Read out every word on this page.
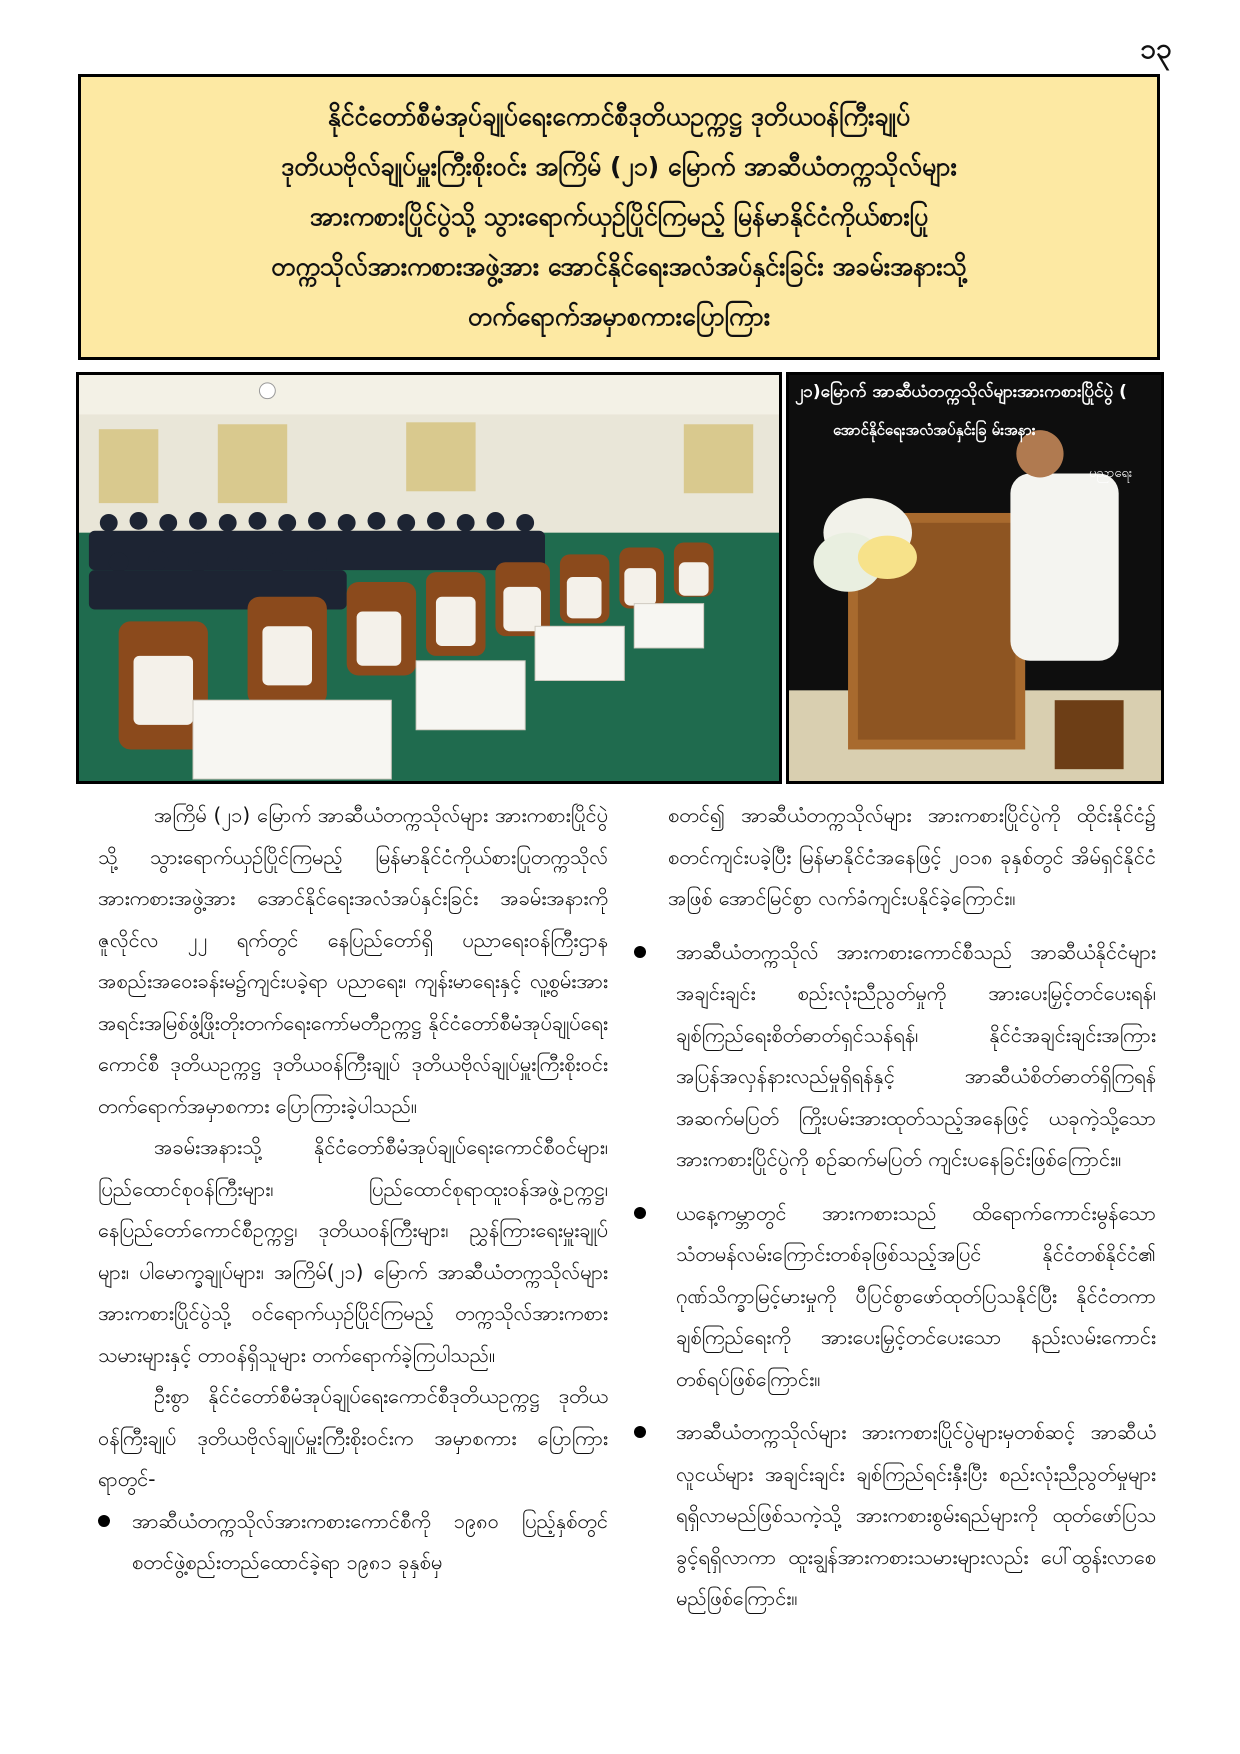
၁၃
နိုင်ငံတော်စီမံအုပ်ချုပ်ရေးကောင်စီဒုတိယဥက္ကဋ္ဌ ဒုတိယဝန်ကြီးချုပ်
ဒုတိယဗိုလ်ချုပ်မှူးကြီးစိုးဝင်း အကြိမ် (၂၁) မြောက် အာဆီယံတက္ကသိုလ်များ
အားကစားပြိုင်ပွဲသို့ သွားရောက်ယှဉ်ပြိုင်ကြမည့် မြန်မာနိုင်ငံကိုယ်စားပြု
တက္ကသိုလ်အားကစားအဖွဲ့အား အောင်နိုင်ရေးအလံအပ်နှင်းခြင်း အခမ်းအနားသို့
တက်ရောက်အမှာစကားပြောကြား
၂၁)မြောက် အာဆီယံတက္ကသိုလ်များအားကစားပြိုင်ပွဲ (
အောင်နိုင်ရေးအလံအပ်နှင်းခြ မ်းအနား
ပညာရေး

အကြိမ် (၂၁) မြောက် အာဆီယံတက္ကသိုလ်များ အားကစားပြိုင်ပွဲသို့ သွားရောက်ယှဉ်ပြိုင်ကြမည့် မြန်မာနိုင်ငံကိုယ်စားပြုတက္ကသိုလ် အားကစားအဖွဲ့အား အောင်နိုင်ရေးအလံအပ်နှင်းခြင်း အခမ်းအနားကို ဇူလိုင်လ ၂၂ ရက်တွင် နေပြည်တော်ရှိ ပညာရေးဝန်ကြီးဌာန အစည်းအဝေးခန်းမ၌ကျင်းပခဲ့ရာ ပညာရေး၊ ကျန်းမာရေးနှင့် လူ့စွမ်းအားအရင်းအမြစ်ဖွံ့ဖြိုးတိုးတက်ရေးကော်မတီဥက္ကဋ္ဌ နိုင်ငံတော်စီမံအုပ်ချုပ်ရေးကောင်စီ ဒုတိယဥက္ကဋ္ဌ ဒုတိယဝန်ကြီးချုပ် ဒုတိယဗိုလ်ချုပ်မှူးကြီးစိုးဝင်း တက်ရောက်အမှာစကား ပြောကြားခဲ့ပါသည်။

အခမ်းအနားသို့ နိုင်ငံတော်စီမံအုပ်ချုပ်ရေးကောင်စီဝင်များ၊ ပြည်ထောင်စုဝန်ကြီးများ၊ ပြည်ထောင်စုရာထူးဝန်အဖွဲ့ဥက္ကဋ္ဌ၊ နေပြည်တော်ကောင်စီဥက္ကဋ္ဌ၊ ဒုတိယဝန်ကြီးများ၊ ညွှန်ကြားရေးမှူးချုပ်များ၊ ပါမောက္ခချုပ်များ၊ အကြိမ်(၂၁) မြောက် အာဆီယံတက္ကသိုလ်များ အားကစားပြိုင်ပွဲသို့ ဝင်ရောက်ယှဉ်ပြိုင်ကြမည့် တက္ကသိုလ်အားကစားသမားများနှင့် တာဝန်ရှိသူများ တက်ရောက်ခဲ့ကြပါသည်။

ဦးစွာ နိုင်ငံတော်စီမံအုပ်ချုပ်ရေးကောင်စီဒုတိယဥက္ကဋ္ဌ ဒုတိယဝန်ကြီးချုပ် ဒုတိယဗိုလ်ချုပ်မှူးကြီးစိုးဝင်းက အမှာစကား ပြောကြားရာတွင်-

အာဆီယံတက္ကသိုလ်အားကစားကောင်စီကို ၁၉၈၀ ပြည့်နှစ်တွင် စတင်ဖွဲ့စည်းတည်ထောင်ခဲ့ရာ ၁၉၈၁ ခုနှစ်မှ

စတင်၍ အာဆီယံတက္ကသိုလ်များ အားကစားပြိုင်ပွဲကို ထိုင်းနိုင်ငံ၌ စတင်ကျင်းပခဲ့ပြီး မြန်မာနိုင်ငံအနေဖြင့် ၂၀၁၈ ခုနှစ်တွင် အိမ်ရှင်နိုင်ငံအဖြစ် အောင်မြင်စွာ လက်ခံကျင်းပနိုင်ခဲ့ကြောင်း။

အာဆီယံတက္ကသိုလ် အားကစားကောင်စီသည် အာဆီယံနိုင်ငံများအချင်းချင်း စည်းလုံးညီညွတ်မှုကို အားပေးမြှင့်တင်ပေးရန်၊ ချစ်ကြည်ရေးစိတ်ဓာတ်ရှင်သန်ရန်၊ နိုင်ငံအချင်းချင်းအကြား အပြန်အလှန်နားလည်မှုရှိရန်နှင့် အာဆီယံစိတ်ဓာတ်ရှိကြရန် အဆက်မပြတ် ကြိုးပမ်းအားထုတ်သည့်အနေဖြင့် ယခုကဲ့သို့သော အားကစားပြိုင်ပွဲကို စဉ်ဆက်မပြတ် ကျင်းပနေခြင်းဖြစ်ကြောင်း။
ယနေ့ကမ္ဘာတွင် အားကစားသည် ထိရောက်ကောင်းမွန်သော သံတမန်လမ်းကြောင်းတစ်ခုဖြစ်သည့်အပြင် နိုင်ငံတစ်နိုင်ငံ၏ ဂုဏ်သိက္ခာမြင့်မားမှုကို ပီပြင်စွာဖော်ထုတ်ပြသနိုင်ပြီး နိုင်ငံတကာချစ်ကြည်ရေးကို အားပေးမြှင့်တင်ပေးသော နည်းလမ်းကောင်းတစ်ရပ်ဖြစ်ကြောင်း။
အာဆီယံတက္ကသိုလ်များ အားကစားပြိုင်ပွဲများမှတစ်ဆင့် အာဆီယံလူငယ်များ အချင်းချင်း ချစ်ကြည်ရင်းနှီးပြီး စည်းလုံးညီညွတ်မှုများရရှိလာမည်ဖြစ်သကဲ့သို့ အားကစားစွမ်းရည်များကို ထုတ်ဖော်ပြသခွင့်ရရှိလာကာ ထူးချွန်အားကစားသမားများလည်း ပေါ်ထွန်းလာစေမည်ဖြစ်ကြောင်း။
